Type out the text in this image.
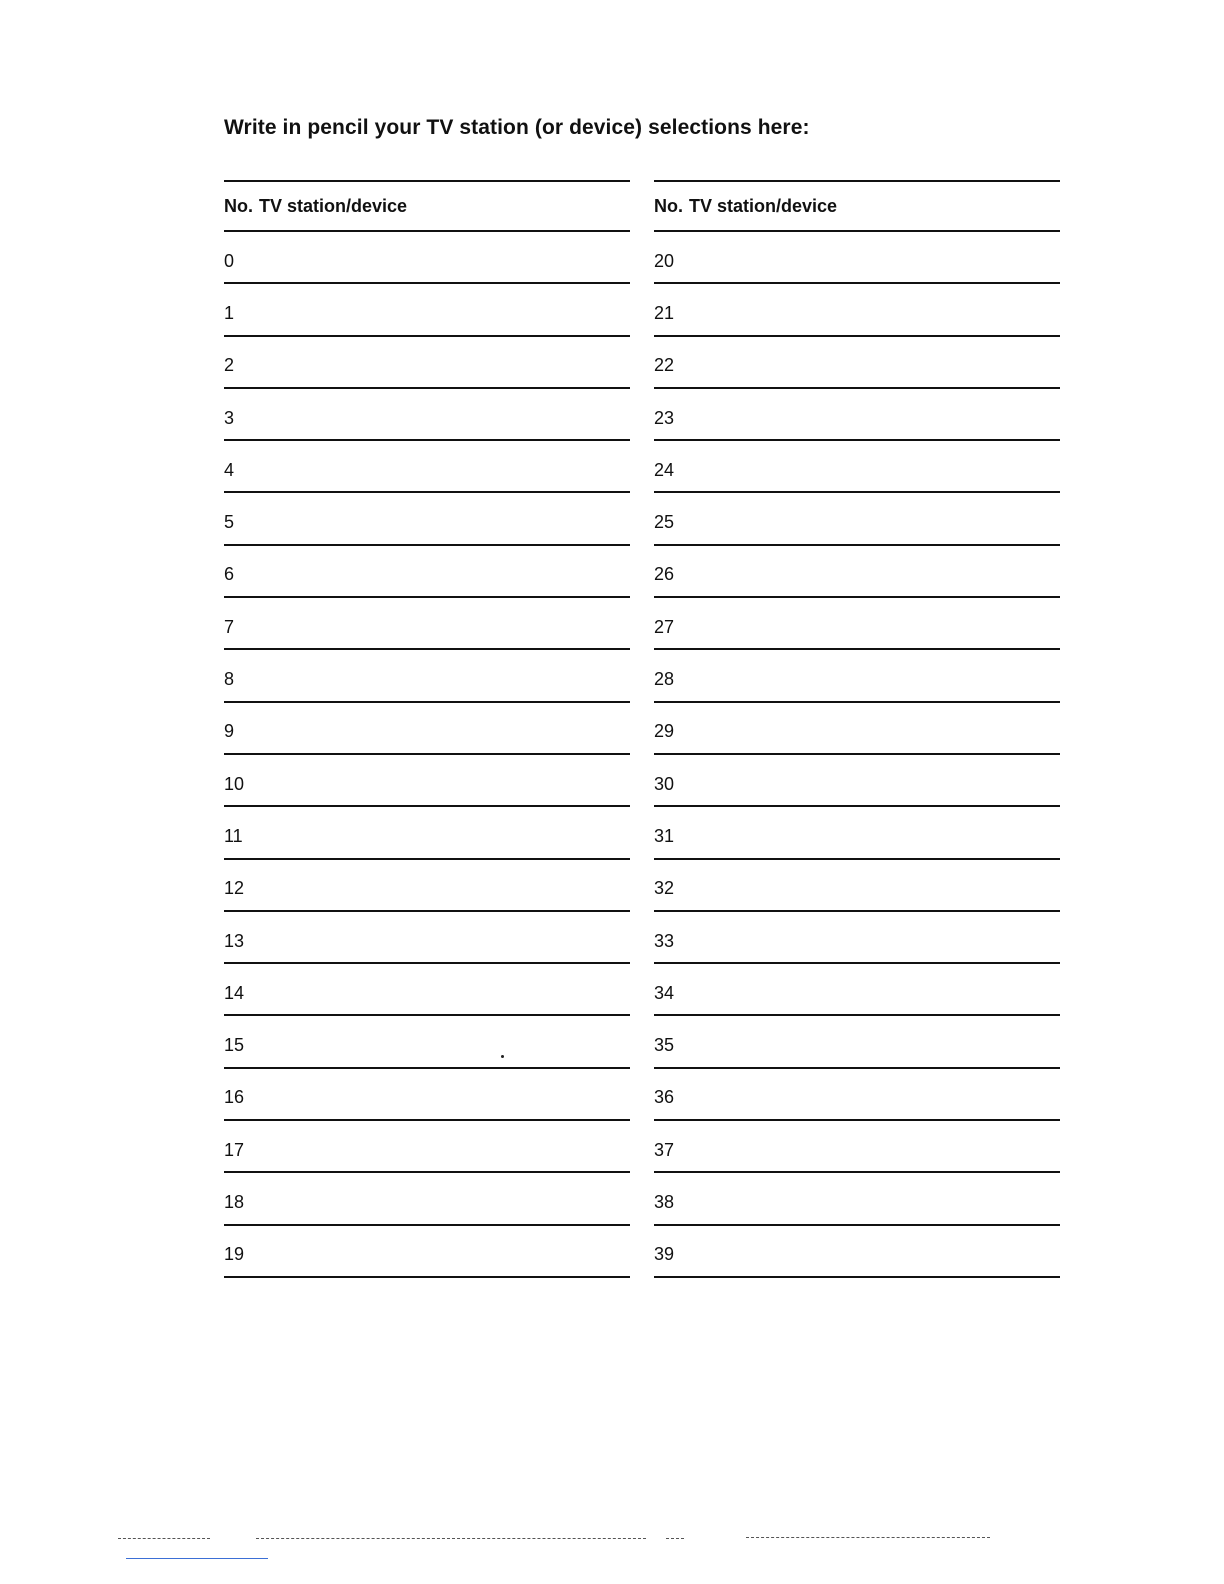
Write in pencil your TV station (or device) selections here:
No. TV station/device
0
1
2
3
4
5
6
7
8
9
10
11
12
13
14
15
16
17
18
19
No. TV station/device
20
21
22
23
24
25
26
27
28
29
30
31
32
33
34
35
36
37
38
39
